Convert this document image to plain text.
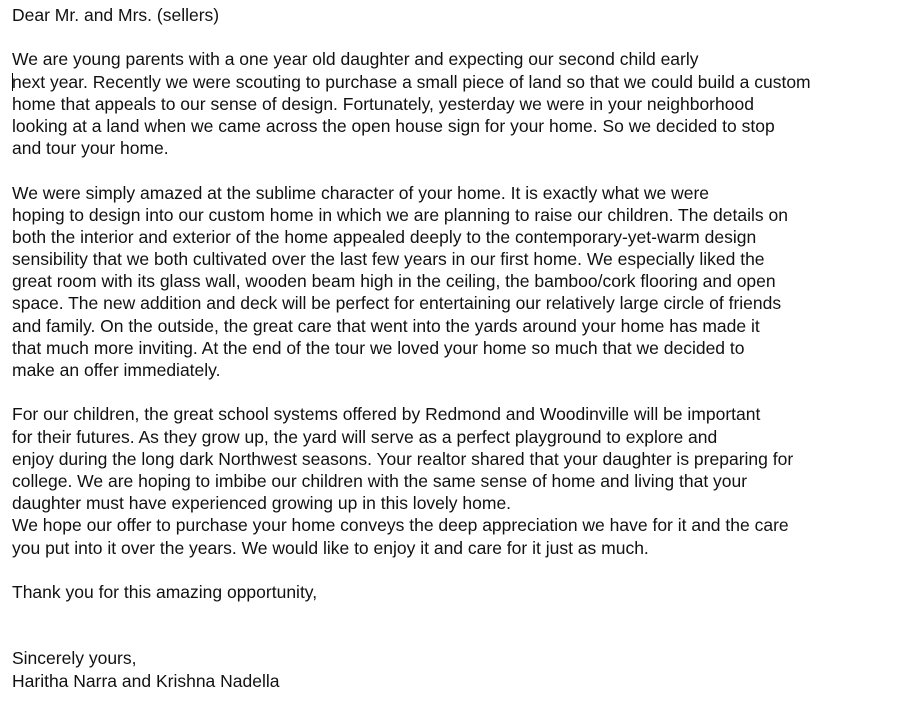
Dear Mr. and Mrs. (sellers)
We are young parents with a one year old daughter and expecting our second child early
next year. Recently we were scouting to purchase a small piece of land so that we could build a custom
home that appeals to our sense of design. Fortunately, yesterday we were in your neighborhood
looking at a land when we came across the open house sign for your home. So we decided to stop
and tour your home.
We were simply amazed at the sublime character of your home. It is exactly what we were
hoping to design into our custom home in which we are planning to raise our children. The details on
both the interior and exterior of the home appealed deeply to the contemporary-yet-warm design
sensibility that we both cultivated over the last few years in our first home. We especially liked the
great room with its glass wall, wooden beam high in the ceiling, the bamboo/cork flooring and open
space. The new addition and deck will be perfect for entertaining our relatively large circle of friends
and family. On the outside, the great care that went into the yards around your home has made it
that much more inviting. At the end of the tour we loved your home so much that we decided to
make an offer immediately.
For our children, the great school systems offered by Redmond and Woodinville will be important
for their futures. As they grow up, the yard will serve as a perfect playground to explore and
enjoy during the long dark Northwest seasons. Your realtor shared that your daughter is preparing for
college. We are hoping to imbibe our children with the same sense of home and living that your
daughter must have experienced growing up in this lovely home.
We hope our offer to purchase your home conveys the deep appreciation we have for it and the care
you put into it over the years. We would like to enjoy it and care for it just as much.
Thank you for this amazing opportunity,
Sincerely yours,
Haritha Narra and Krishna Nadella
